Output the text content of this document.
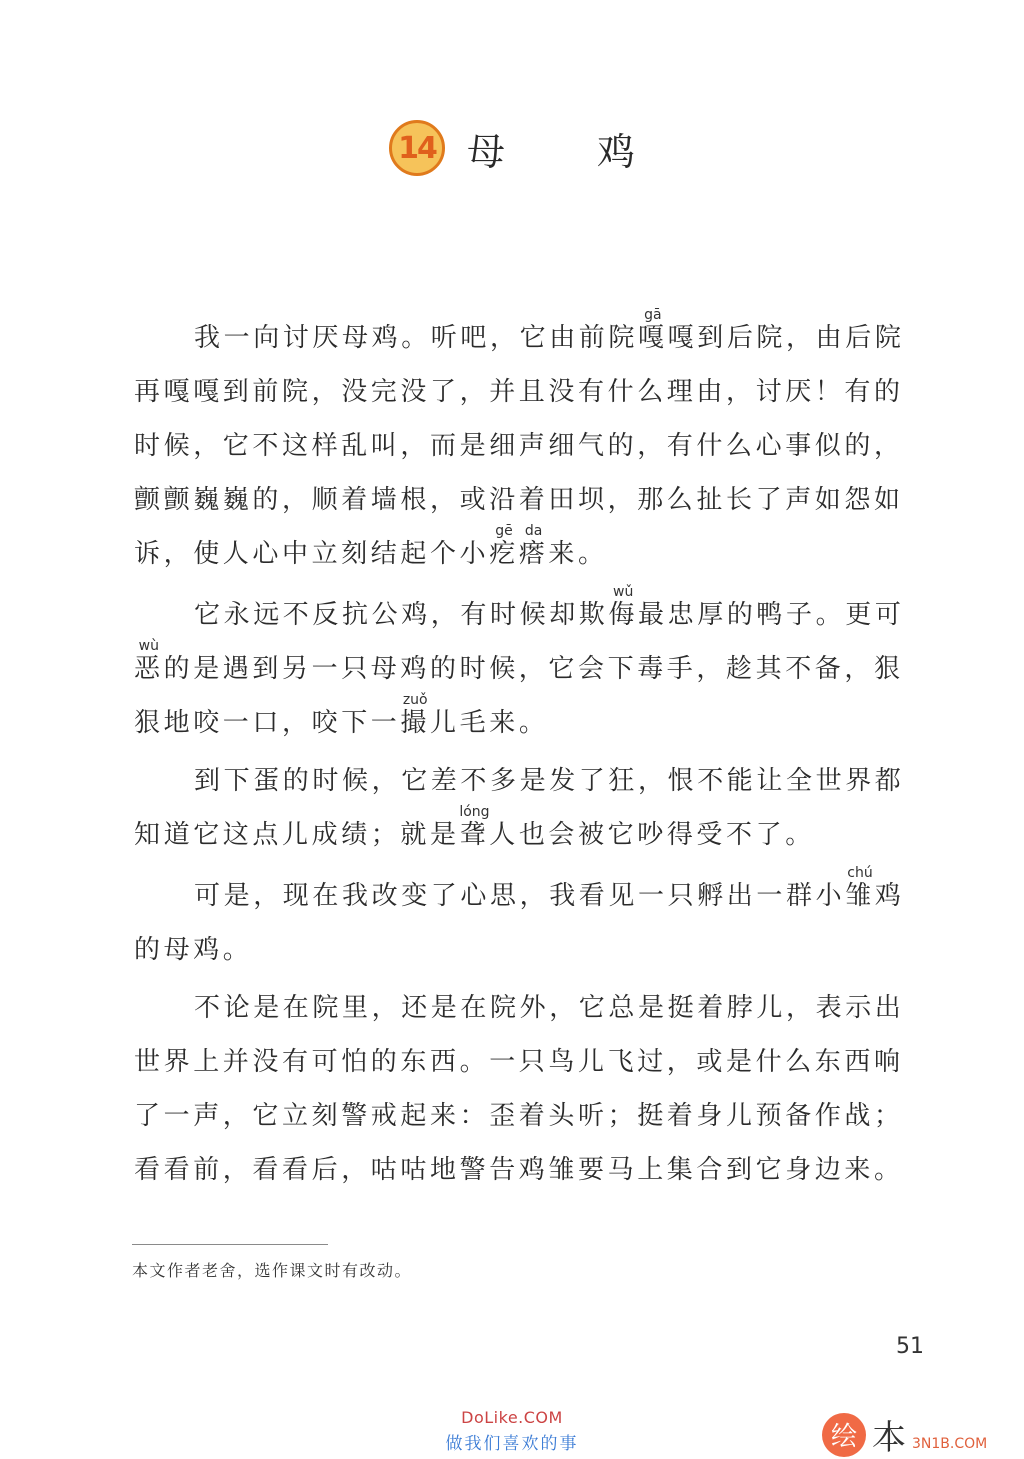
14 母 鸡

我一向讨厌母鸡。听吧，它由前院嘎gā嘎到后院，由后院再嘎嘎到前院，没完没了，并且没有什么理由，讨厌！有的时候，它不这样乱叫，而是细声细气的，有什么心事似的，颤颤巍巍的，顺着墙根，或沿着田坝，那么扯长了声如怨如诉，使人心中立刻结起个小疙gē瘩da来。

它永远不反抗公鸡，有时候却欺侮wǔ最忠厚的鸭子。更可恶wù的是遇到另一只母鸡的时候，它会下毒手，趁其不备，狠狠地咬一口，咬下一撮zuǒ儿毛来。

到下蛋的时候，它差不多是发了狂，恨不能让全世界都知道它这点儿成绩；就是聋lóng人也会被它吵得受不了。

可是，现在我改变了心思，我看见一只孵出一群小雏chú鸡的母鸡。

不论是在院里，还是在院外，它总是挺着脖儿，表示出世界上并没有可怕的东西。一只鸟儿飞过，或是什么东西响了一声，它立刻警戒起来：歪着头听；挺着身儿预备作战；看看前，看看后，咕咕地警告鸡雏要马上集合到它身边来。

本文作者老舍，选作课文时有改动。
51
DoLike.COM
做我们喜欢的事	绘 本 3N1B.COM
